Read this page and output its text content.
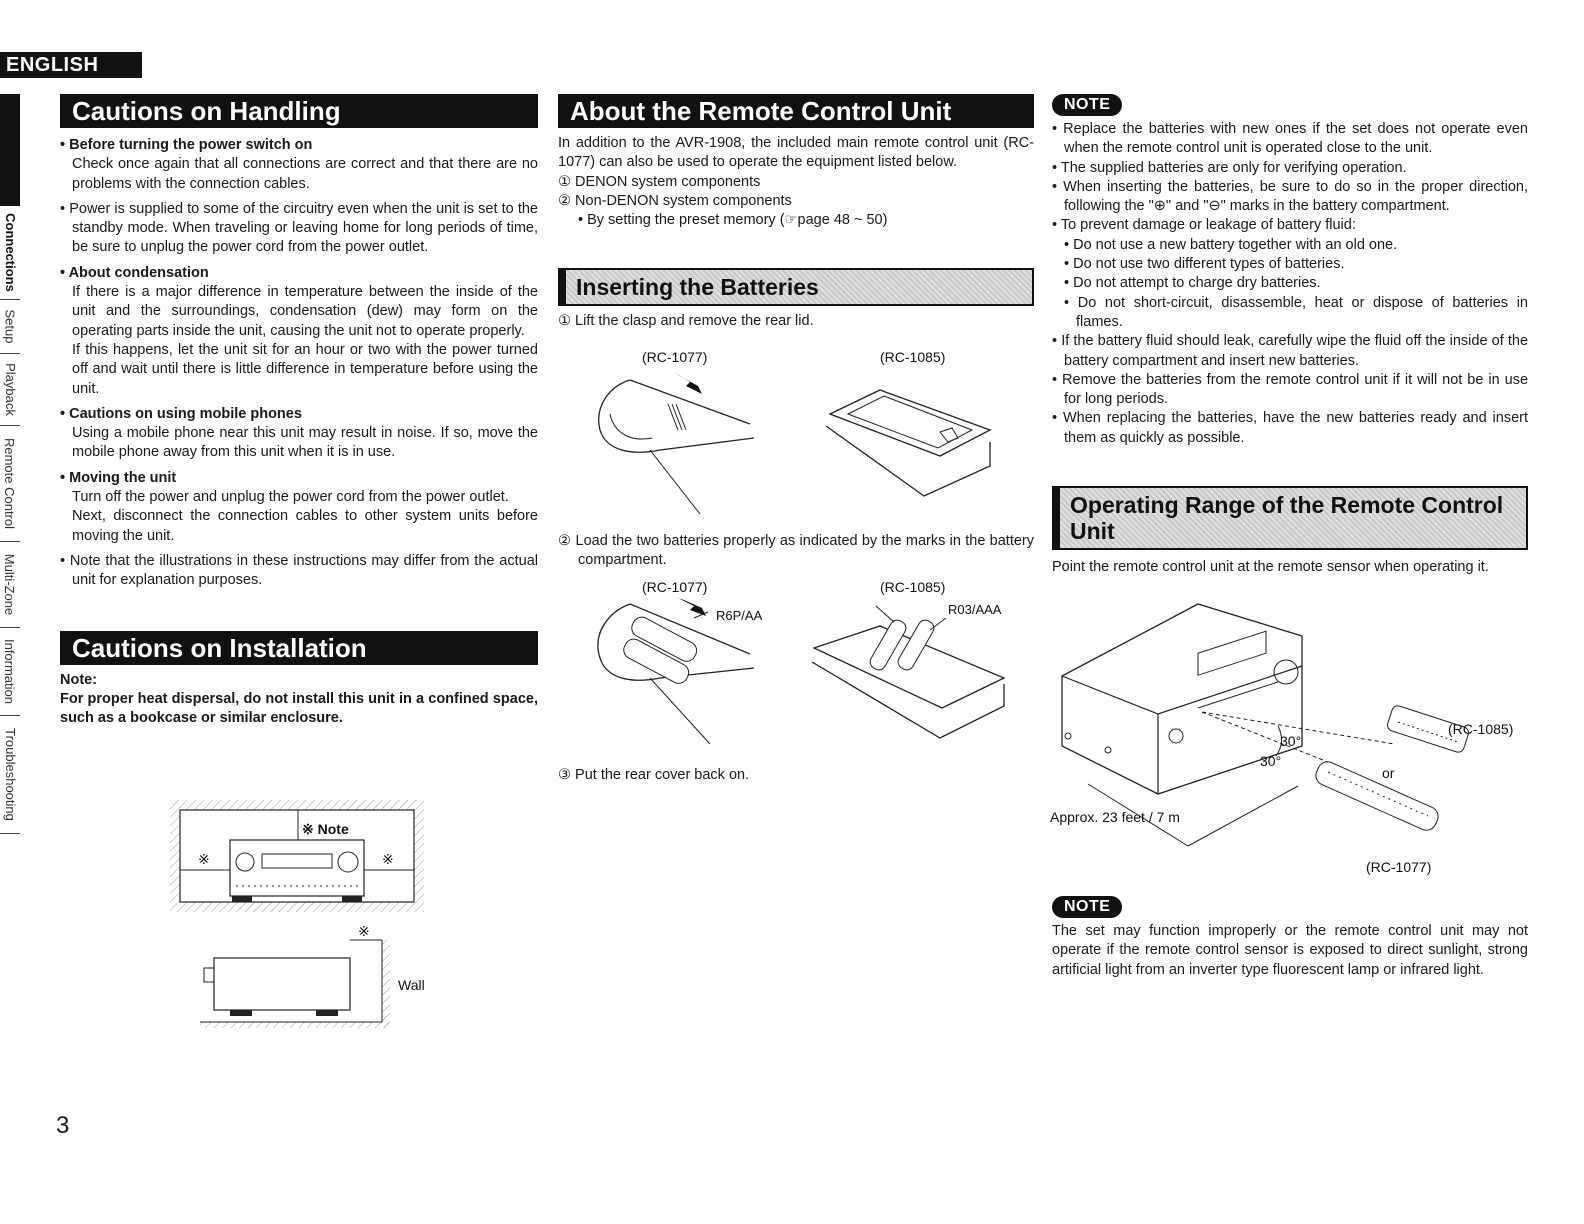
ENGLISH
Connections
Setup
Playback
Remote Control
Multi-Zone
Information
Troubleshooting
Cautions on Handling

• Before turning the power switch on

Check once again that all connections are correct and that there are no problems with the connection cables.

• Power is supplied to some of the circuitry even when the unit is set to the standby mode. When traveling or leaving home for long periods of time, be sure to unplug the power cord from the power outlet.

• About condensation

If there is a major difference in temperature between the inside of the unit and the surroundings, condensation (dew) may form on the operating parts inside the unit, causing the unit not to operate properly.

If this happens, let the unit sit for an hour or two with the power turned off and wait until there is little difference in temperature before using the unit.

• Cautions on using mobile phones

Using a mobile phone near this unit may result in noise. If so, move the mobile phone away from this unit when it is in use.

• Moving the unit

Turn off the power and unplug the power cord from the power outlet.

Next, disconnect the connection cables to other system units before moving the unit.

• Note that the illustrations in these instructions may differ from the actual unit for explanation purposes.

Cautions on Installation

Note:

For proper heat dispersal, do not install this unit in a confined space, such as a bookcase or similar enclosure.

※ Note
※	※
※
Wall
About the Remote Control Unit

In addition to the AVR-1908, the included main remote control unit (RC-1077) can also be used to operate the equipment listed below.

① DENON system components

② Non-DENON system components

• By setting the preset memory (☞page 48 ~ 50)

Inserting the Batteries

① Lift the clasp and remove the rear lid.

(RC-1077)	(RC-1085)

② Load the two batteries properly as indicated by the marks in the battery compartment.

(RC-1077)	(RC-1085)
R6P/AA	R03/AAA

③ Put the rear cover back on.

NOTE

• Replace the batteries with new ones if the set does not operate even when the remote control unit is operated close to the unit.

• The supplied batteries are only for verifying operation.

• When inserting the batteries, be sure to do so in the proper direction, following the "⊕" and "⊖" marks in the battery compartment.

• To prevent damage or leakage of battery fluid:

• Do not use a new battery together with an old one.

• Do not use two different types of batteries.

• Do not attempt to charge dry batteries.

• Do not short-circuit, disassemble, heat or dispose of batteries in flames.

• If the battery fluid should leak, carefully wipe the fluid off the inside of the battery compartment and insert new batteries.

• Remove the batteries from the remote control unit if it will not be in use for long periods.

• When replacing the batteries, have the new batteries ready and insert them as quickly as possible.

Operating Range of the Remote Control Unit

Point the remote control unit at the remote sensor when operating it.

30°
30°
Approx. 23 feet / 7 m
(RC-1085)
or
(RC-1077)
NOTE

The set may function improperly or the remote control unit may not operate if the remote control sensor is exposed to direct sunlight, strong artificial light from an inverter type fluorescent lamp or infrared light.

3
